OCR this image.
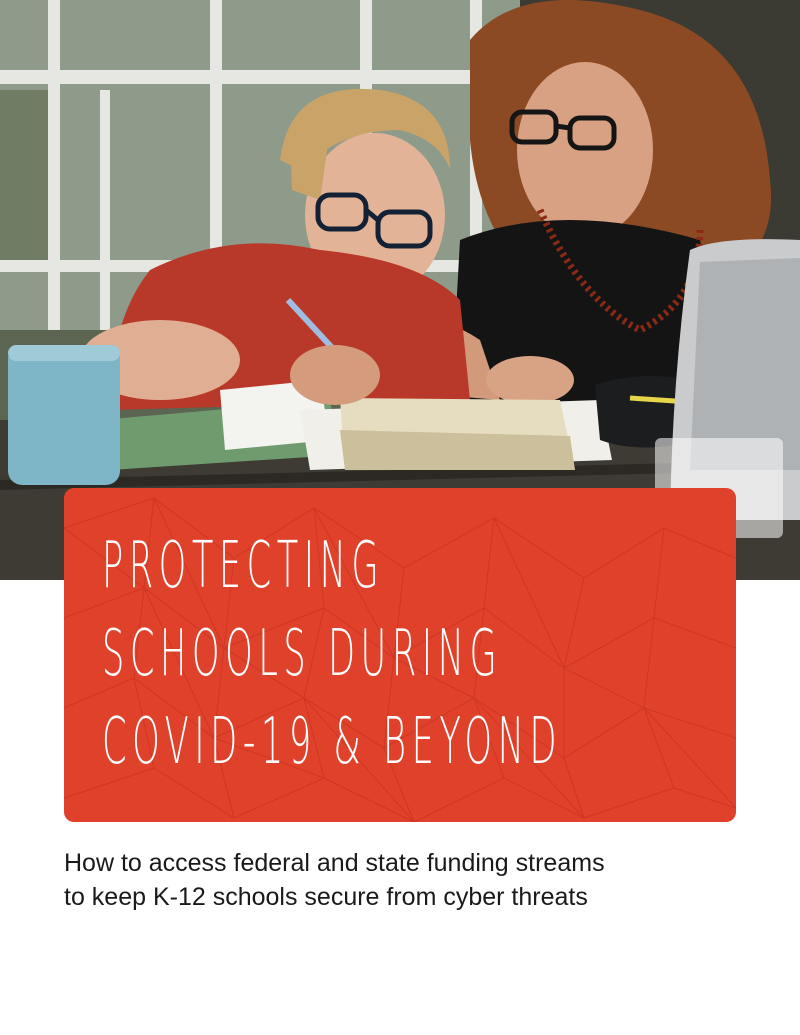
PROTECTING
SCHOOLS DURING
COVID-19 & BEYOND

How to access federal and state funding streams
to keep K-12 schools secure from cyber threats
